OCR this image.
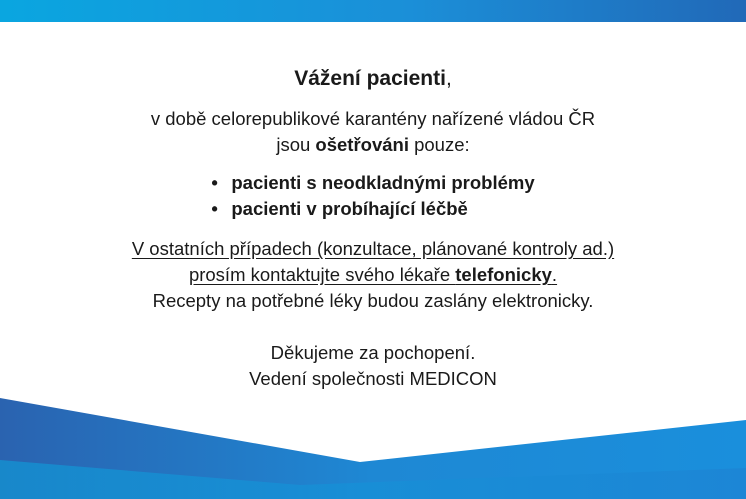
Vážení pacienti,

v době celorepublikové karantény nařízené vládou ČR

jsou ošetřováni pouze:

• pacienti s neodkladnými problémy
• pacienti v probíhající léčbě

V ostatních případech (konzultace, plánované kontroly ad.)

prosím kontaktujte svého lékaře telefonicky.

Recepty na potřebné léky budou zaslány elektronicky.

Děkujeme za pochopení.

Vedení společnosti MEDICON
